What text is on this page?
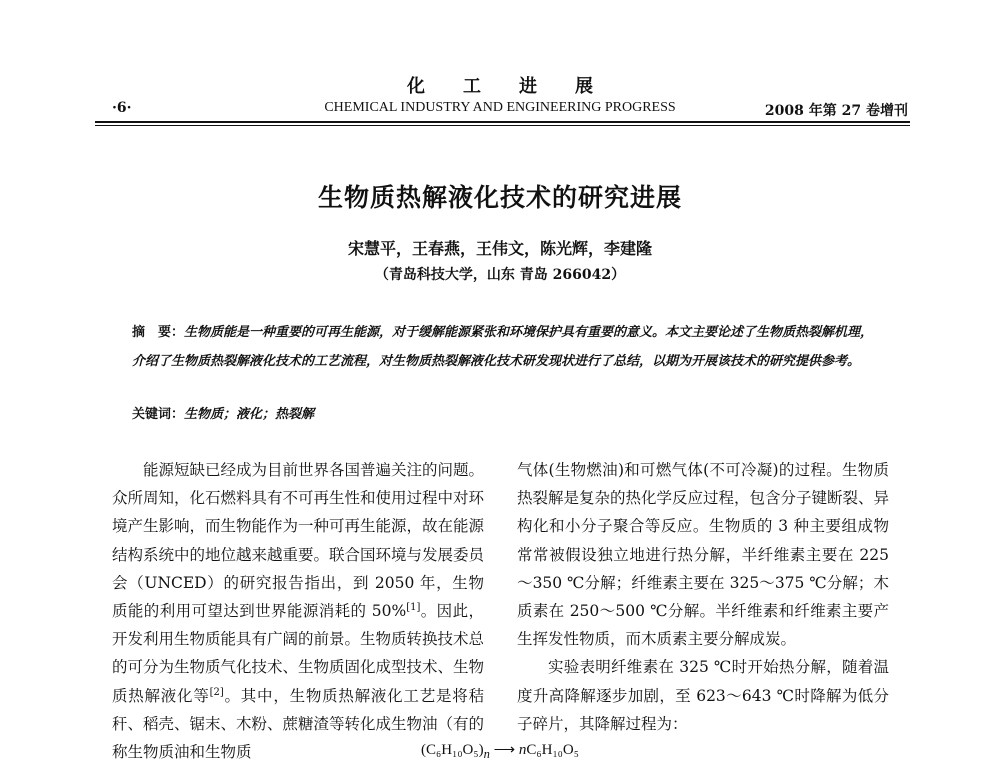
化工进展
·6·	CHEMICAL INDUSTRY AND ENGINEERING PROGRESS	2008 年第 27 卷增刊
生物质热解液化技术的研究进展
宋慧平，王春燕，王伟文，陈光辉，李建隆
（青岛科技大学，山东 青岛 266042）
摘　要：生物质能是一种重要的可再生能源，对于缓解能源紧张和环境保护具有重要的意义。本文主要论述了生物质热裂解机理，介绍了生物质热裂解液化技术的工艺流程，对生物质热裂解液化技术研发现状进行了总结，以期为开展该技术的研究提供参考。
关键词：生物质；液化；热裂解

能源短缺已经成为目前世界各国普遍关注的问题。众所周知，化石燃料具有不可再生性和使用过程中对环境产生影响，而生物能作为一种可再生能源，故在能源结构系统中的地位越来越重要。联合国环境与发展委员会（UNCED）的研究报告指出，到 2050 年，生物质能的利用可望达到世界能源消耗的 50%[1]。因此，开发利用生物质能具有广阔的前景。生物质转换技术总的可分为生物质气化技术、生物质固化成型技术、生物质热解液化等[2]。其中，生物质热解液化工艺是将秸秆、稻壳、锯末、木粉、蔗糖渣等转化成生物油（有的称生物质油和生物质

气体(生物燃油)和可燃气体(不可冷凝)的过程。生物质热裂解是复杂的热化学反应过程，包含分子键断裂、异构化和小分子聚合等反应。生物质的 3 种主要组成物常常被假设独立地进行热分解，半纤维素主要在 225～350 ℃分解；纤维素主要在 325～375 ℃分解；木质素在 250～500 ℃分解。半纤维素和纤维素主要产生挥发性物质，而木质素主要分解成炭。

实验表明纤维素在 325 ℃时开始热分解，随着温度升高降解逐步加剧，至 623～643 ℃时降解为低分子碎片，其降解过程为：

$(C_6H_{10}O_5)_n$ ⟶ nC₆H₁₀O₅
